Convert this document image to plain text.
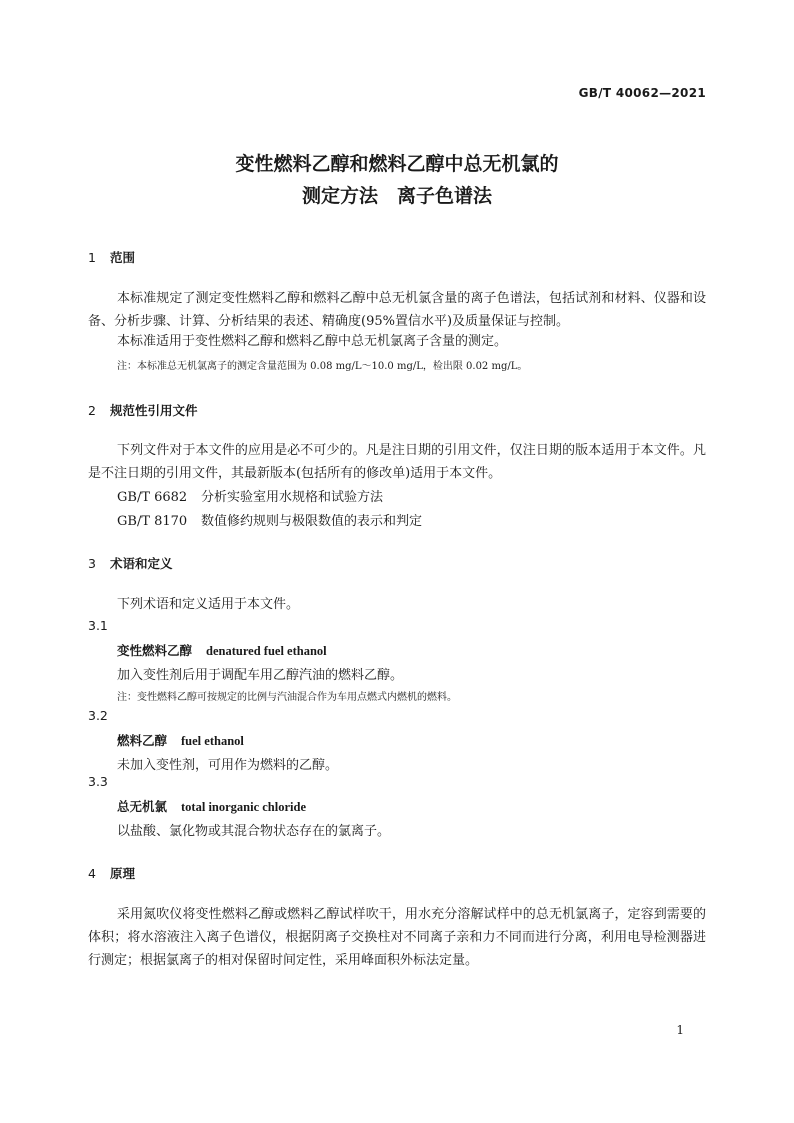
GB/T 40062—2021
变性燃料乙醇和燃料乙醇中总无机氯的
测定方法　离子色谱法
1 范围
本标准规定了测定变性燃料乙醇和燃料乙醇中总无机氯含量的离子色谱法，包括试剂和材料、仪器和设备、分析步骤、计算、分析结果的表述、精确度(95%置信水平)及质量保证与控制。
本标准适用于变性燃料乙醇和燃料乙醇中总无机氯离子含量的测定。
注：本标准总无机氯离子的测定含量范围为 0.08 mg/L～10.0 mg/L，检出限 0.02 mg/L。
2 规范性引用文件
下列文件对于本文件的应用是必不可少的。凡是注日期的引用文件，仅注日期的版本适用于本文件。凡是不注日期的引用文件，其最新版本(包括所有的修改单)适用于本文件。
GB/T 6682 分析实验室用水规格和试验方法
GB/T 8170 数值修约规则与极限数值的表示和判定
3 术语和定义
下列术语和定义适用于本文件。
3.1
变性燃料乙醇 denatured fuel ethanol
加入变性剂后用于调配车用乙醇汽油的燃料乙醇。
注：变性燃料乙醇可按规定的比例与汽油混合作为车用点燃式内燃机的燃料。
3.2
燃料乙醇 fuel ethanol
未加入变性剂，可用作为燃料的乙醇。
3.3
总无机氯 total inorganic chloride
以盐酸、氯化物或其混合物状态存在的氯离子。
4 原理
采用氮吹仪将变性燃料乙醇或燃料乙醇试样吹干，用水充分溶解试样中的总无机氯离子，定容到需要的体积；将水溶液注入离子色谱仪，根据阴离子交换柱对不同离子亲和力不同而进行分离，利用电导检测器进行测定；根据氯离子的相对保留时间定性，采用峰面积外标法定量。
1
